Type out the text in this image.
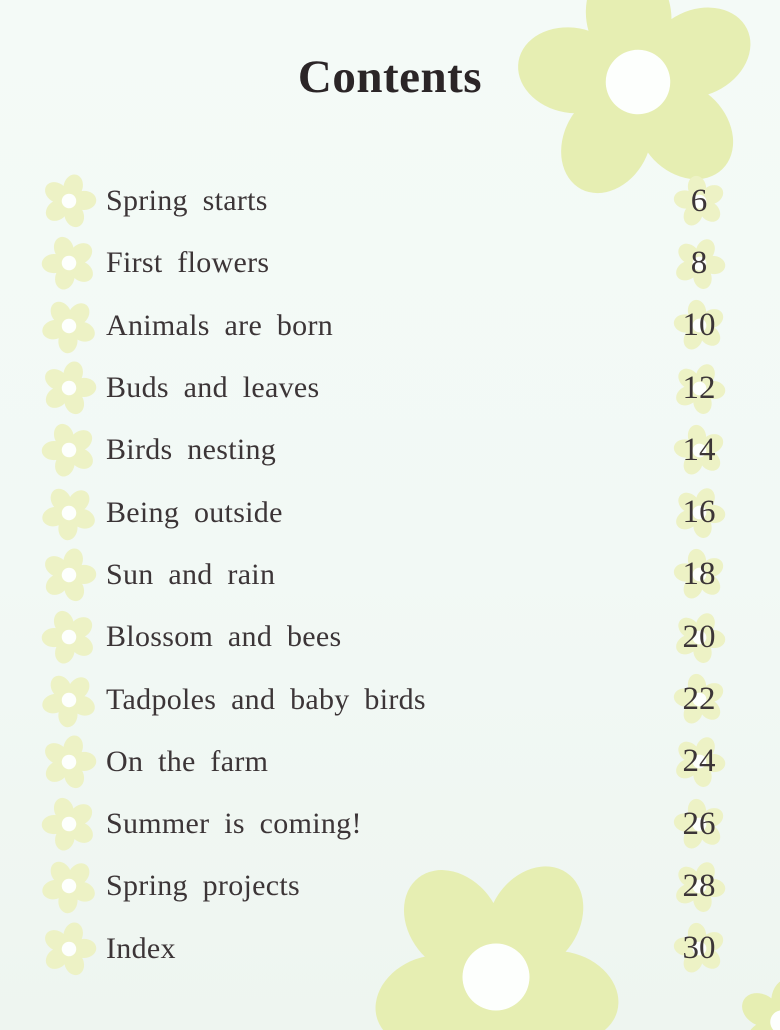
Contents
Spring starts	6
First flowers	8
Animals are born	10
Buds and leaves	12
Birds nesting	14
Being outside	16
Sun and rain	18
Blossom and bees	20
Tadpoles and baby birds	22
On the farm	24
Summer is coming!	26
Spring projects	28
Index	30
